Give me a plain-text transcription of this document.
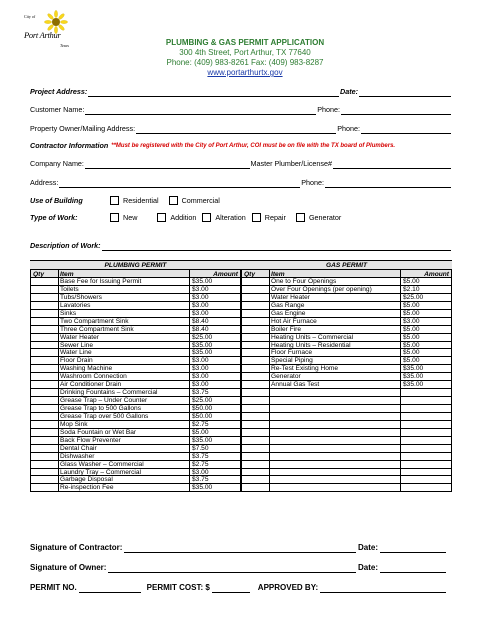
City of
Port Arthur
Texas	PLUMBING & GAS PERMIT APPLICATION
300 4th Street, Port Arthur, TX 77640
Phone: (409) 983-8261 Fax: (409) 983-8287
www.portarthurtx.gov
Project Address:	Date:
Customer Name:	Phone:
Property Owner/Mailing Address:	Phone:
Contractor Information **Must be registered with the City of Port Arthur, COI must be on file with the TX board of Plumbers.
Company Name:	Master Plumber/License#
Address:	Phone:
Use of Building	Residential	Commercial
Type of Work:	New	Addition	Alteration	Repair	Generator
Description of Work:
PLUMBING PERMIT	GAS PERMIT
Qty	Item	Amount
Base Fee for Issuing Permit	$35.00
Toilets	$3.00
Tubs/Showers	$3.00
Lavatories	$3.00
Sinks	$3.00
Two Compartment Sink	$8.40
Three Compartment Sink	$8.40
Water Heater	$25.00
Sewer Line	$35.00
Water Line	$35.00
Floor Drain	$3.00
Washing Machine	$3.00
Washroom Connection	$3.00
Air Conditioner Drain	$3.00
Drinking Fountains – Commercial	$3.75
Grease Trap – Under Counter	$25.00
Grease Trap to 500 Gallons	$50.00
Grease Trap over 500 Gallons	$50.00
Mop Sink	$2.75
Soda Fountain or Wet Bar	$5.00
Back Flow Preventer	$35.00
Dental Chair	$7.50
Dishwasher	$3.75
Glass Washer – Commercial	$2.75
Laundry Tray – Commercial	$3.00
Garbage Disposal	$3.75
Re-inspection Fee	$35.00
Qty	Item	Amount
One to Four Openings	$5.00
Over Four Openings (per opening)	$2.10
Water Heater	$25.00
Gas Range	$5.00
Gas Engine	$5.00
Hot Air Furnace	$3.00
Boiler Fire	$5.00
Heating Units – Commercial	$5.00
Heating Units – Residential	$5.00
Floor Furnace	$5.00
Special Piping	$5.00
Re-Test Existing Home	$35.00
Generator	$35.00
Annual Gas Test	$35.00
Signature of Contractor:	Date:
Signature of Owner:	Date:
PERMIT NO.	PERMIT COST: $	APPROVED BY:
